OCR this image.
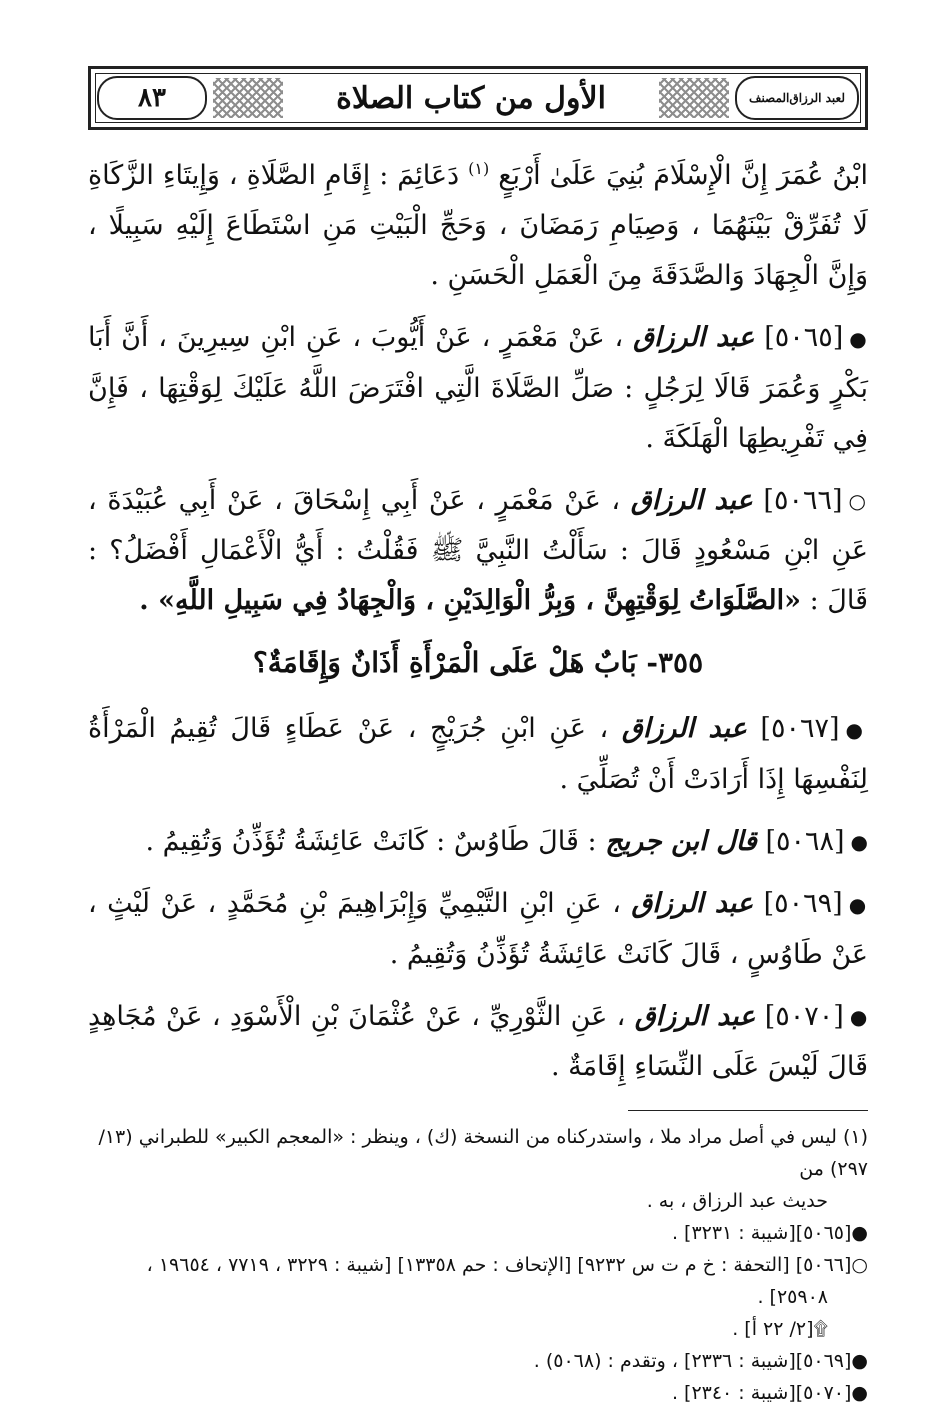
٨٣	الأول من كتاب الصلاة	المصنف لعبد الرزاق

ابْنُ عُمَرَ إِنَّ الْإِسْلَامَ بُنِيَ عَلَىٰ أَرْبَعٍ $^{(١)}$ دَعَائِمَ : إِقَامِ الصَّلَاةِ ، وَإِيتَاءِ الزَّكَاةِ لَا تُفَرِّقْ بَيْنَهُمَا ، وَصِيَامِ رَمَضَانَ ، وَحَجِّ الْبَيْتِ مَنِ اسْتَطَاعَ إِلَيْهِ سَبِيلًا ، وَإِنَّ الْجِهَادَ وَالصَّدَقَةَ مِنَ الْعَمَلِ الْحَسَنِ .

●[٥٠٦٥] عبد الرزاق ، عَنْ مَعْمَرٍ ، عَنْ أَيُّوبَ ، عَنِ ابْنِ سِيرِينَ ، أَنَّ أَبَا بَكْرٍ وَعُمَرَ قَالَا لِرَجُلٍ : صَلِّ الصَّلَاةَ الَّتِي افْتَرَضَ اللَّهُ عَلَيْكَ لِوَقْتِهَا ، فَإِنَّ فِي تَفْرِيطِهَا الْهَلَكَةَ .

○[٥٠٦٦] عبد الرزاق ، عَنْ مَعْمَرٍ ، عَنْ أَبِي إِسْحَاقَ ، عَنْ أَبِي عُبَيْدَةَ ، عَنِ ابْنِ مَسْعُودٍ قَالَ : سَأَلْتُ النَّبِيَّ ﷺ فَقُلْتُ : أَيُّ الْأَعْمَالِ أَفْضَلُ؟ : قَالَ : «الصَّلَوَاتُ لِوَقْتِهِنَّ ، وَبِرُّ الْوَالِدَيْنِ ، وَالْجِهَادُ فِي سَبِيلِ اللَّهِ» .

٣٥٥- بَابٌ هَلْ عَلَى الْمَرْأَةِ أَذَانٌ وَإِقَامَةٌ؟

●[٥٠٦٧] عبد الرزاق ، عَنِ ابْنِ جُرَيْجٍ ، عَنْ عَطَاءٍ قَالَ تُقِيمُ الْمَرْأَةُ لِنَفْسِهَا إِذَا أَرَادَتْ أَنْ تُصَلِّيَ .

●[٥٠٦٨] قال ابن جريج : قَالَ طَاوُسٌ : كَانَتْ عَائِشَةُ تُؤَذِّنُ وَتُقِيمُ .

●[٥٠٦٩] عبد الرزاق ، عَنِ ابْنِ التَّيْمِيِّ وَإِبْرَاهِيمَ بْنِ مُحَمَّدٍ ، عَنْ لَيْثٍ ، عَنْ طَاوُسٍ ، قَالَ كَانَتْ عَائِشَةُ تُؤَذِّنُ وَتُقِيمُ .

●[٥٠٧٠] عبد الرزاق ، عَنِ الثَّوْرِيِّ ، عَنْ عُثْمَانَ بْنِ الْأَسْوَدِ ، عَنْ مُجَاهِدٍ قَالَ لَيْسَ عَلَى النِّسَاءِ إِقَامَةٌ .

(١) ليس في أصل مراد ملا ، واستدركناه من النسخة (ك) ، وينظر : «المعجم الكبير» للطبراني (١٣/ ٢٩٧) من
حديث عبد الرزاق ، به .
●[٥٠٦٥][شيبة : ٣٢٣١] .
○[٥٠٦٦] [التحفة : خ م ت س ٩٢٣٢] [الإتحاف : حم ١٣٣٥٨] [شيبة : ٣٢٢٩ ، ٧٧١٩ ، ١٩٦٥٤ ،
٢٥٩٠٨] .
۩[٢/ ٢٢ أ] .
●[٥٠٦٩][شيبة : ٢٣٣٦] ، وتقدم : (٥٠٦٨) .
●[٥٠٧٠][شيبة : ٢٣٤٠] .
